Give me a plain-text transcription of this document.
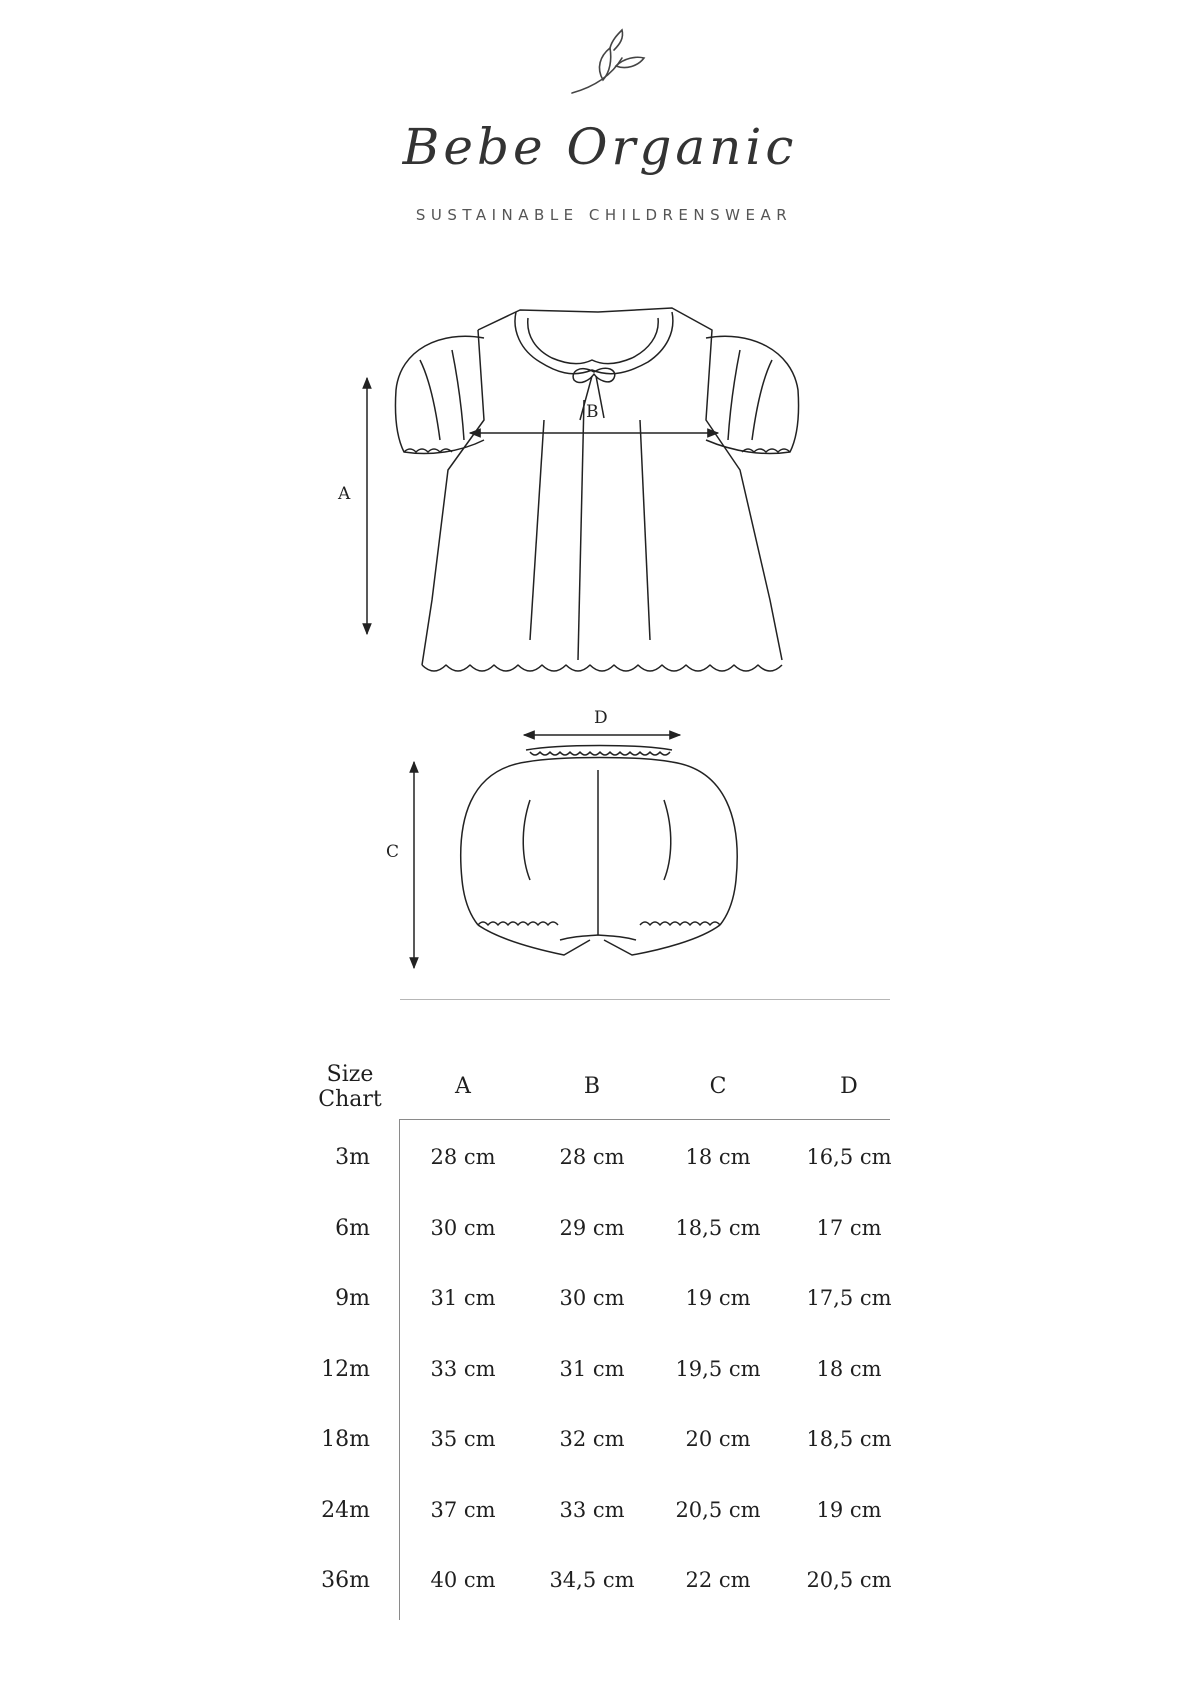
Bebe Organic
SUSTAINABLE CHILDRENSWEAR
A
B
C
D
Size
Chart
A	B	C	D
3m	28 cm	28 cm	18 cm	16,5 cm
6m	30 cm	29 cm	18,5 cm	17 cm
9m	31 cm	30 cm	19 cm	17,5 cm
12m	33 cm	31 cm	19,5 cm	18 cm
18m	35 cm	32 cm	20 cm	18,5 cm
24m	37 cm	33 cm	20,5 cm	19 cm
36m	40 cm	34,5 cm	22 cm	20,5 cm
